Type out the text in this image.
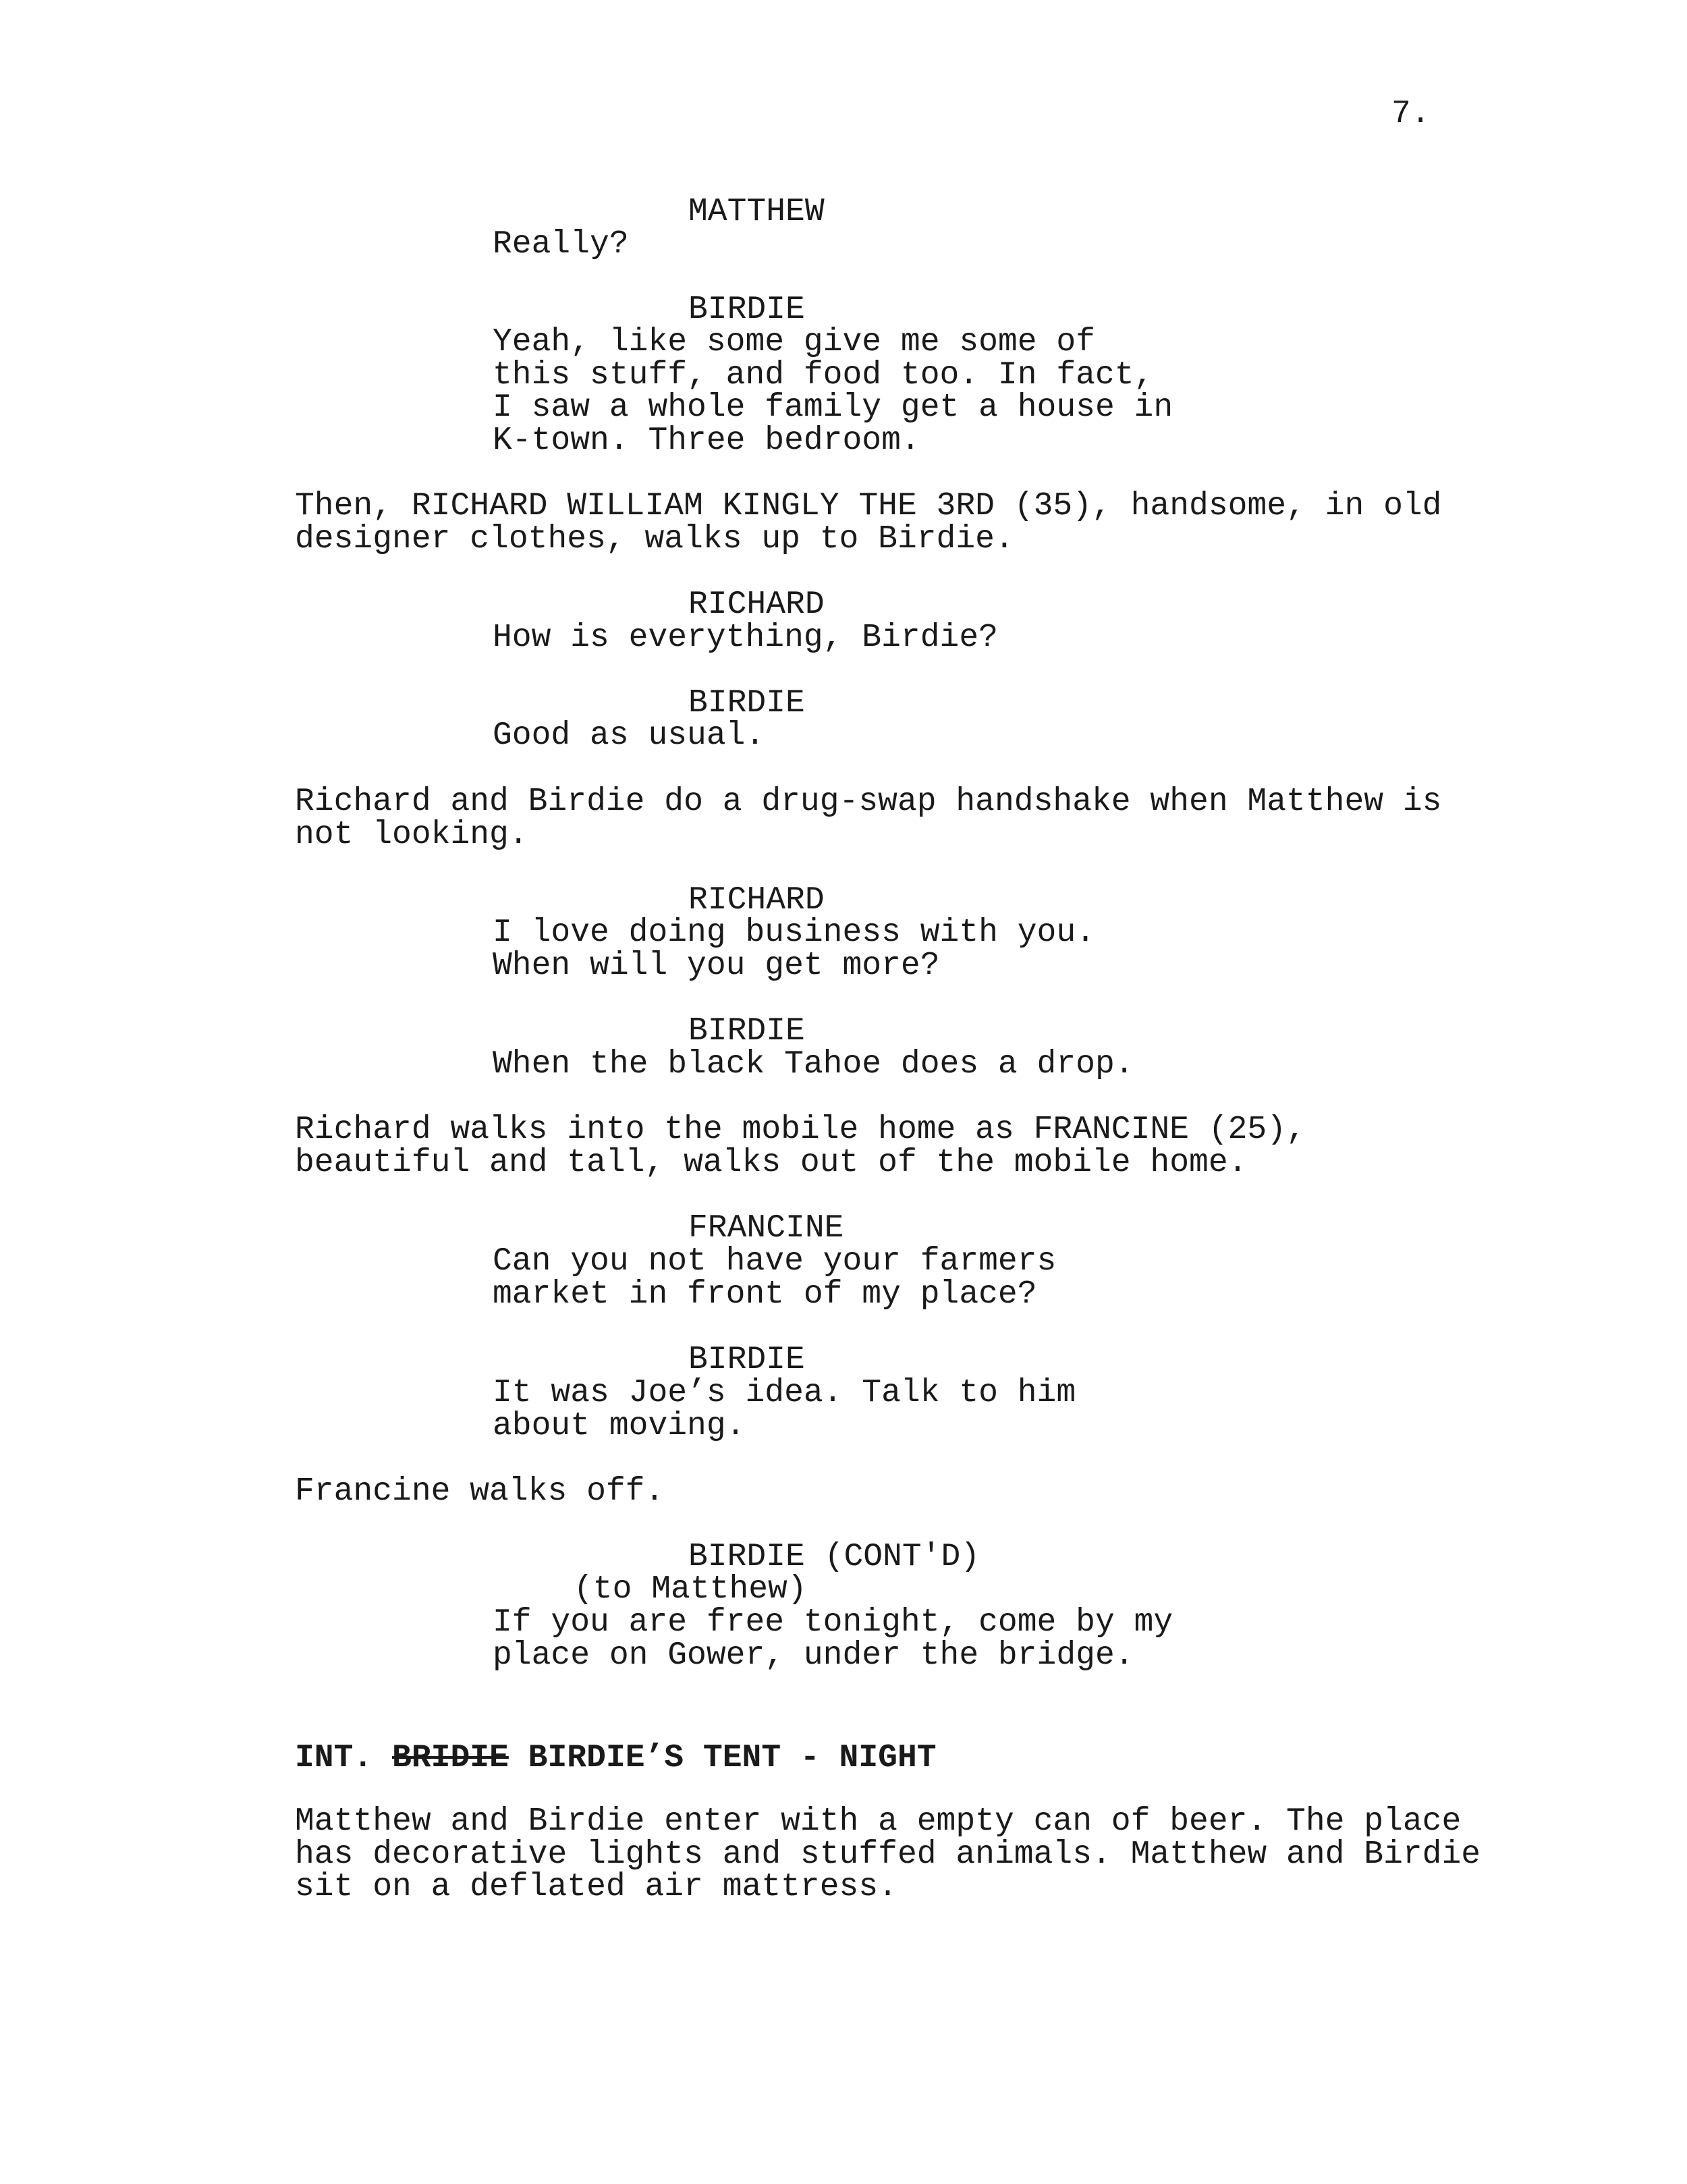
7.
MATTHEW
Really?
BIRDIE
Yeah, like some give me some of
this stuff, and food too. In fact,
I saw a whole family get a house in
K-town. Three bedroom.
Then, RICHARD WILLIAM KINGLY THE 3RD (35), handsome, in old
designer clothes, walks up to Birdie.
RICHARD
How is everything, Birdie?
BIRDIE
Good as usual.
Richard and Birdie do a drug-swap handshake when Matthew is
not looking.
RICHARD
I love doing business with you.
When will you get more?
BIRDIE
When the black Tahoe does a drop.
Richard walks into the mobile home as FRANCINE (25),
beautiful and tall, walks out of the mobile home.
FRANCINE
Can you not have your farmers
market in front of my place?
BIRDIE
It was Joe’s idea. Talk to him
about moving.
Francine walks off.
BIRDIE (CONT'D)
(to Matthew)
If you are free tonight, come by my
place on Gower, under the bridge.
INT. BRIDIE BIRDIE’S TENT - NIGHT
Matthew and Birdie enter with a empty can of beer. The place
has decorative lights and stuffed animals. Matthew and Birdie
sit on a deflated air mattress.
